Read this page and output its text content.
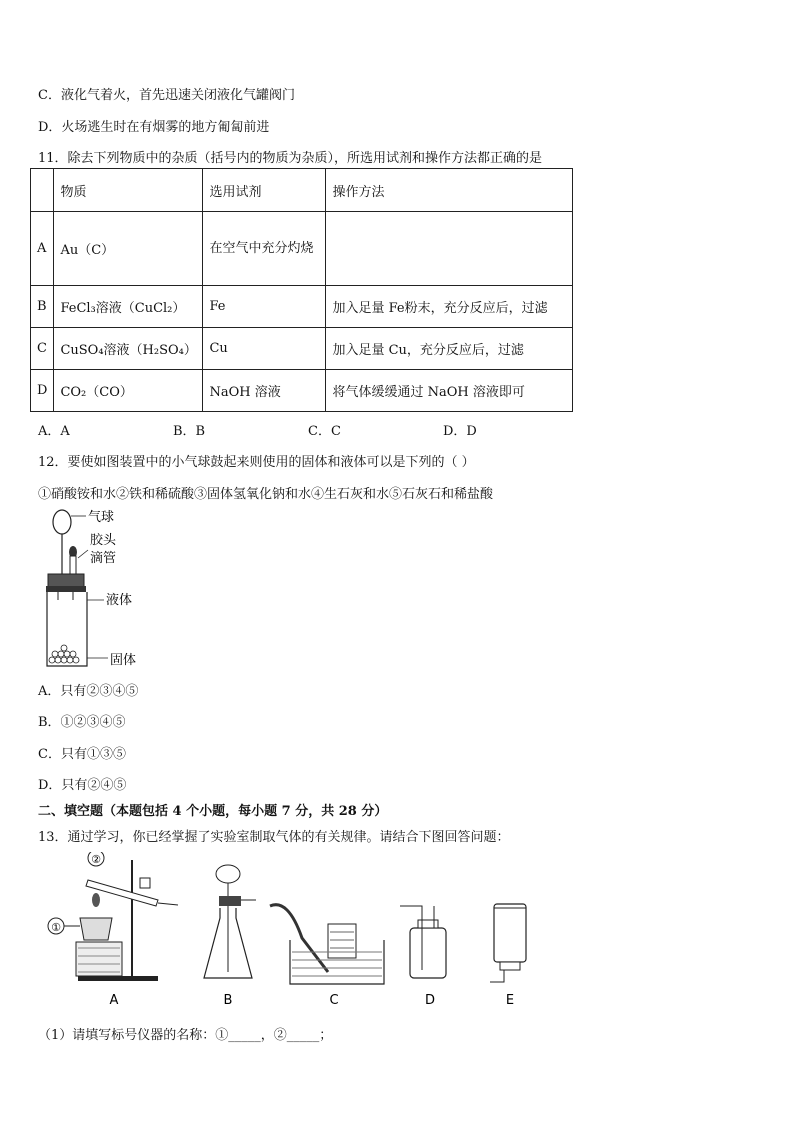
C．液化气着火，首先迅速关闭液化气罐阀门
D．火场逃生时在有烟雾的地方匍匐前进
11．除去下列物质中的杂质（括号内的物质为杂质），所选用试剂和操作方法都正确的是
	物质	选用试剂	操作方法
A	Au（C）	在空气中充分灼烧	
B	FeCl₃溶液（CuCl₂）	Fe	加入足量 Fe粉末，充分反应后，过滤
C	CuSO₄溶液（H₂SO₄）	Cu	加入足量 Cu，充分反应后，过滤
D	CO₂（CO）	NaOH 溶液	将气体缓缓通过 NaOH 溶液即可
A．A	B．B	C．C	D．D
12．要使如图装置中的小气球鼓起来则使用的固体和液体可以是下列的（ ）
①硝酸铵和水②铁和稀硫酸③固体氢氧化钠和水④生石灰和水⑤石灰石和稀盐酸
气球
胶头
滴管
液体
固体
A．只有②③④⑤
B．①②③④⑤
C．只有①③⑤
D．只有②④⑤
二、填空题（本题包括 4 个小题，每小题 7 分，共 28 分）
13．通过学习，你已经掌握了实验室制取气体的有关规律。请结合下图回答问题：
②
①
A	B	C	D	E
（1）请填写标号仪器的名称：①_____，②_____；
